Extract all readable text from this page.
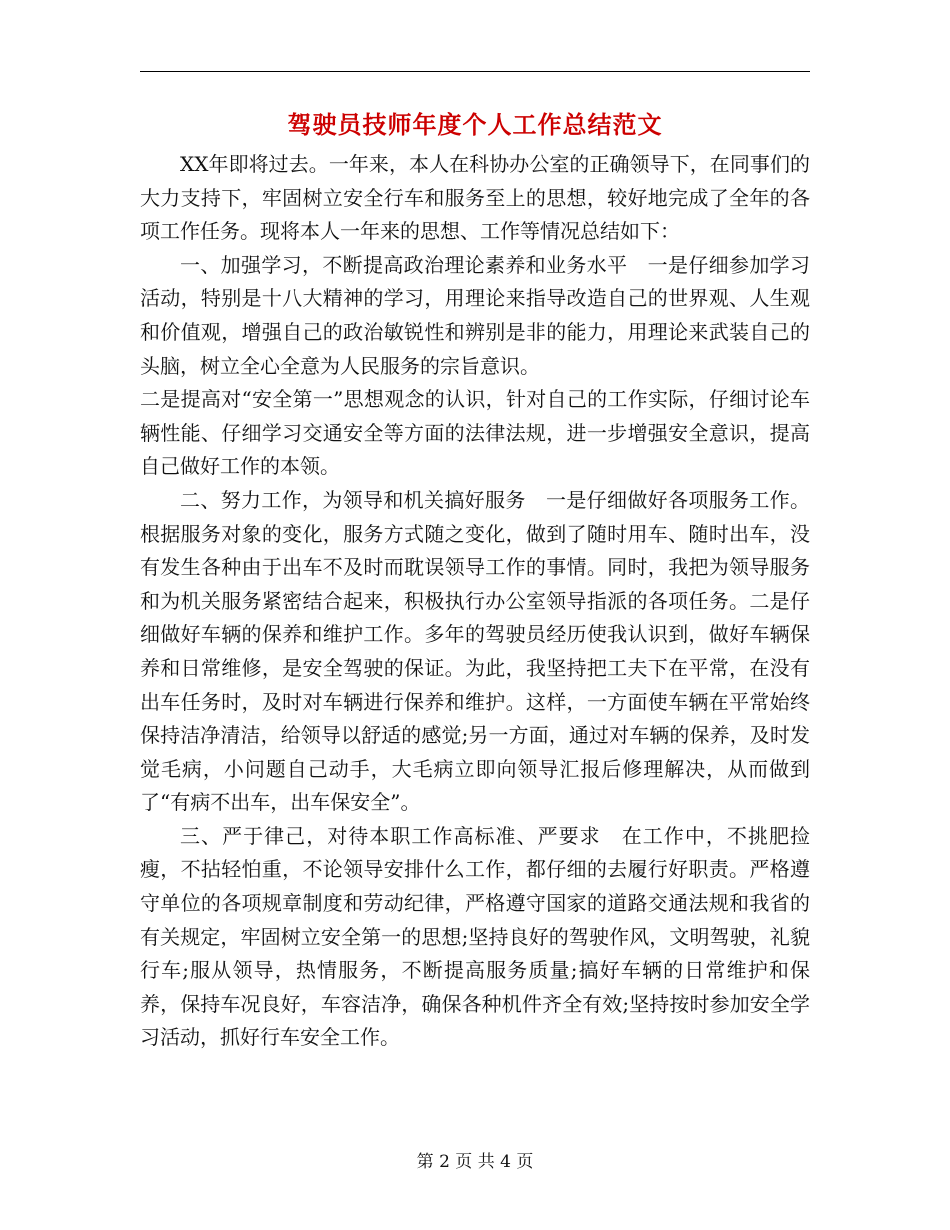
驾驶员技师年度个人工作总结范文

XX年即将过去。一年来，本人在科协办公室的正确领导下，在同事们的大力支持下，牢固树立安全行车和服务至上的思想，较好地完成了全年的各项工作任务。现将本人一年来的思想、工作等情况总结如下：

一、加强学习，不断提高政治理论素养和业务水平　一是仔细参加学习活动，特别是十八大精神的学习，用理论来指导改造自己的世界观、人生观和价值观，增强自己的政治敏锐性和辨别是非的能力，用理论来武装自己的头脑，树立全心全意为人民服务的宗旨意识。

二是提高对“安全第一”思想观念的认识，针对自己的工作实际，仔细讨论车辆性能、仔细学习交通安全等方面的法律法规，进一步增强安全意识，提高自己做好工作的本领。

二、努力工作，为领导和机关搞好服务　一是仔细做好各项服务工作。根据服务对象的变化，服务方式随之变化，做到了随时用车、随时出车，没有发生各种由于出车不及时而耽误领导工作的事情。同时，我把为领导服务和为机关服务紧密结合起来，积极执行办公室领导指派的各项任务。二是仔细做好车辆的保养和维护工作。多年的驾驶员经历使我认识到，做好车辆保养和日常维修，是安全驾驶的保证。为此，我坚持把工夫下在平常，在没有出车任务时，及时对车辆进行保养和维护。这样，一方面使车辆在平常始终保持洁净清洁，给领导以舒适的感觉;另一方面，通过对车辆的保养，及时发觉毛病，小问题自己动手，大毛病立即向领导汇报后修理解决，从而做到了“有病不出车，出车保安全”。

三、严于律己，对待本职工作高标准、严要求　在工作中，不挑肥捡瘦，不拈轻怕重，不论领导安排什么工作，都仔细的去履行好职责。严格遵守单位的各项规章制度和劳动纪律，严格遵守国家的道路交通法规和我省的有关规定，牢固树立安全第一的思想;坚持良好的驾驶作风，文明驾驶，礼貌行车;服从领导，热情服务，不断提高服务质量;搞好车辆的日常维护和保养，保持车况良好，车容洁净，确保各种机件齐全有效;坚持按时参加安全学习活动，抓好行车安全工作。

第 2 页 共 4 页
